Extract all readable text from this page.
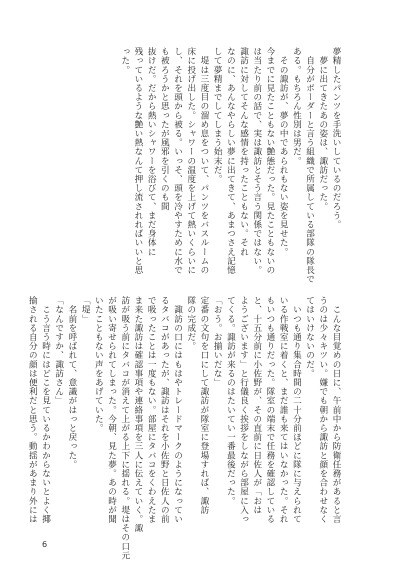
夢精したパンツを手洗いしているのだろう。
　夢に出てきたあの姿は、諏訪だった。
　自分がボーダーと言う組織で所属している部隊の隊長で
ある。もちろん性別は男だ。
　その諏訪が、夢の中であられもない姿を見せた。
今までに見たこともない艶態だった。見たこともないの
は当たり前の話で、実は諏訪とそう言う関係ではない。
諏訪に対してそんな感情を持ったこともない。それ
なのに、あんなやらしい夢に出てきて、あまつさえ記憶
して夢精までしてしまう始末だ。
　堤は三度目の溜め息をついて、パンツをバスルームの
床に投げ出した。シャワーの温度を上げて熱いくらいに
し、それを頭から被る。いっそ、頭を冷やすために水で
も被ろうかと思ったが風邪を引くのも間
抜けだ。だから熱いシャワーを浴びて、まだ身体に
残っているような艶い熱なんて押し流されればいいと思
った。
　こんな目覚めの日に、午前中から防衛任務があると言
うのは少々キツい。嫌でも朝から諏訪と顔を合わせなく
てはいけないのだ。
　いつも通り集合時間の二十分前ほどに隊に与えられて
いる作戦室に着くと、まだ誰も来てはいなかった。それ
もいつも通りだった。隊室の端末で任務を確認している
と、十五分前に小佐野が、その直前に日佐人が「おは
ようございます」と行儀良く挨拶をしながら部屋に入っ
てくる。諏訪が来るのはたいてい一番最後だった。
「おう。お揃いだな」
定番の文句を口にして諏訪が隊室に登場すれば、諏訪
隊の完成だ。
　諏訪の口にはもはやトレードマークのようになってい
るタバコがあったが、諏訪はそれを小佐野と日佐人の前
で吸ったことは一度もない。部屋にタバコをくわえたま
ま来た諏訪は確認事項や連絡事項を三人に伝えていく。諏
訪が吸う前にタバコが消えて上がる上下に揺れる。堤はその口元
が吸い寄せられてしまった。今朝、見た夢。あの時が聞
いたこともない声をあげていた。
「堤」
　名前を呼ばれて、意識がはっと戻った。
「なんですか、諏訪さん」
　こう言う時にはどこを見ているかわからないとよく揶
揄される自分の顔は便利だと思う。動揺があまり外には
6
